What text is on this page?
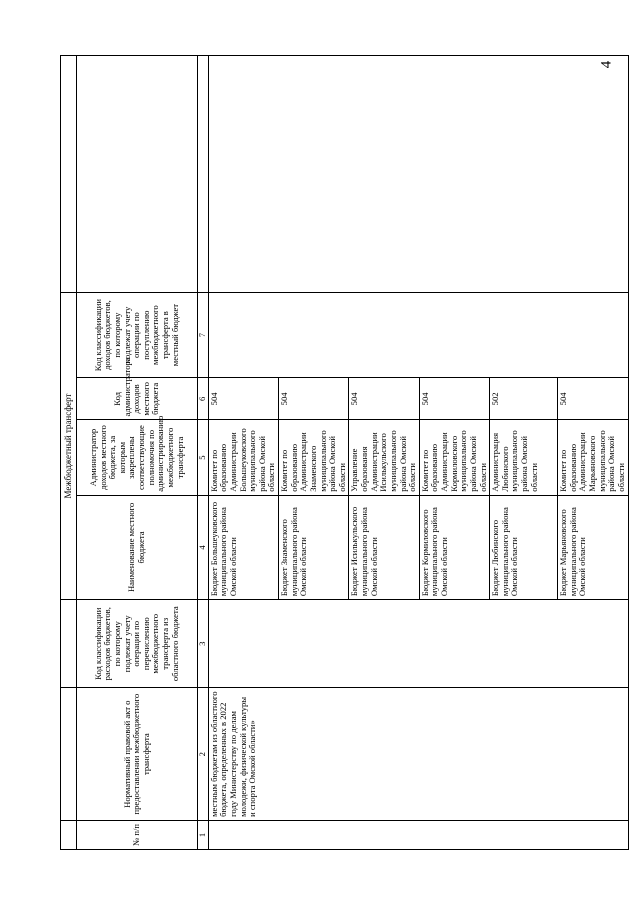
4
			Межбюджетный трансферт				
№ п/п	Нормативный правовой акт о предоставлении межбюджетного трансферта	Код классификации расходов бюджетов, по которому подлежат учету операции по перечислению межбюджетного трансферта из областного бюджета	Наименование местного бюджета	Администратор доходов местного бюджета, за которым закреплены соответствующие полномочия по администрированию межбюджетного трансферта	Код администратора доходов местного бюджета	Код классификации доходов бюджетов, по которому подлежат учету операции по поступлению межбюджетного трансферта в местный бюджет	
1	2	3	4	5	6	7	
	местным бюджетам из областного бюджета, определенных в 2022 году Министерству по делам молодежи, физической культуры и спорта Омской области»		Бюджет Большеуковского муниципального района Омской области	Комитет по образованию Администрации Большеуковского муниципального района Омской области	504		
			Бюджет Знаменского муниципального района Омской области	Комитет по образованию Администрации Знаменского муниципального района Омской области	504		
			Бюджет Исилькульского муниципального района Омской области	Управление образования Администрации Исилькульского муниципального района Омской области	504		
			Бюджет Кормиловского муниципального района Омской области	Комитет по образованию Администрации Кормиловского муниципального района Омской области	504		
			Бюджет Любинского муниципального района Омской области	Администрация Любинского муниципального района Омской области	502		
			Бюджет Марьяновского муниципального района Омской области	Комитет по образованию Администрации Марьяновского муниципального района Омской области	504		
